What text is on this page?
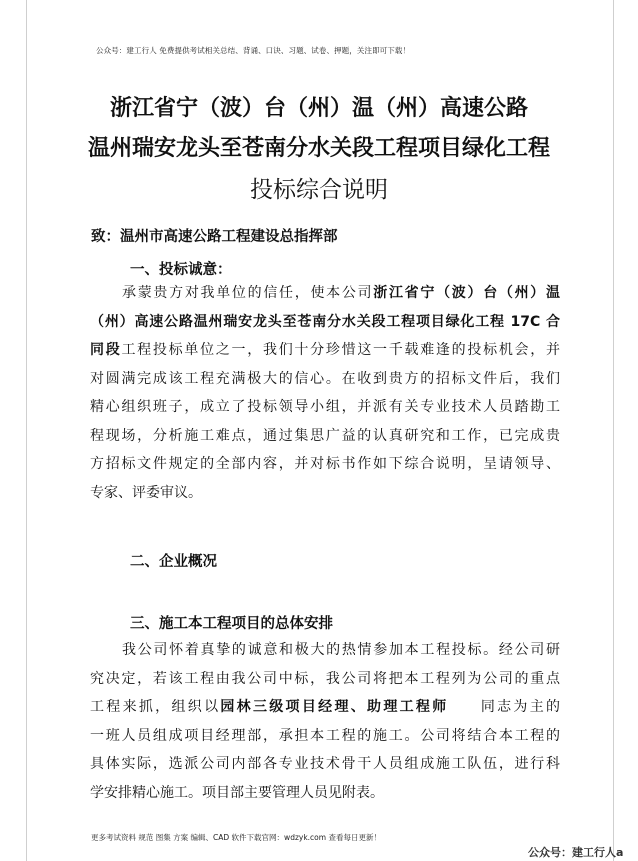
公众号：建工行人 免费提供考试相关总结、背诵、口诀、习题、试卷、押题，关注即可下载！
浙江省宁（波）台（州）温（州）高速公路
温州瑞安龙头至苍南分水关段工程项目绿化工程
投标综合说明
致：温州市高速公路工程建设总指挥部
一、投标诚意：
承蒙贵方对我单位的信任，使本公司浙江省宁（波）台（州）温
（州）高速公路温州瑞安龙头至苍南分水关段工程项目绿化工程 17C 合
同段工程投标单位之一，我们十分珍惜这一千载难逢的投标机会，并
对圆满完成该工程充满极大的信心。在收到贵方的招标文件后，我们
精心组织班子，成立了投标领导小组，并派有关专业技术人员踏勘工
程现场，分析施工难点，通过集思广益的认真研究和工作，已完成贵
方招标文件规定的全部内容，并对标书作如下综合说明，呈请领导、
专家、评委审议。
二、企业概况
三、施工本工程项目的总体安排
我公司怀着真挚的诚意和极大的热情参加本工程投标。经公司研
究决定，若该工程由我公司中标，我公司将把本工程列为公司的重点
工程来抓，组织以园林三级项目经理、助理工程师 同志为主的
一班人员组成项目经理部，承担本工程的施工。公司将结合本工程的
具体实际，选派公司内部各专业技术骨干人员组成施工队伍，进行科
学安排精心施工。项目部主要管理人员见附表。
更多考试资料 规范 图集 方案 编辑、CAD 软件下载官网：wdzyk.com 查看每日更新！
公众号：建工行人a
